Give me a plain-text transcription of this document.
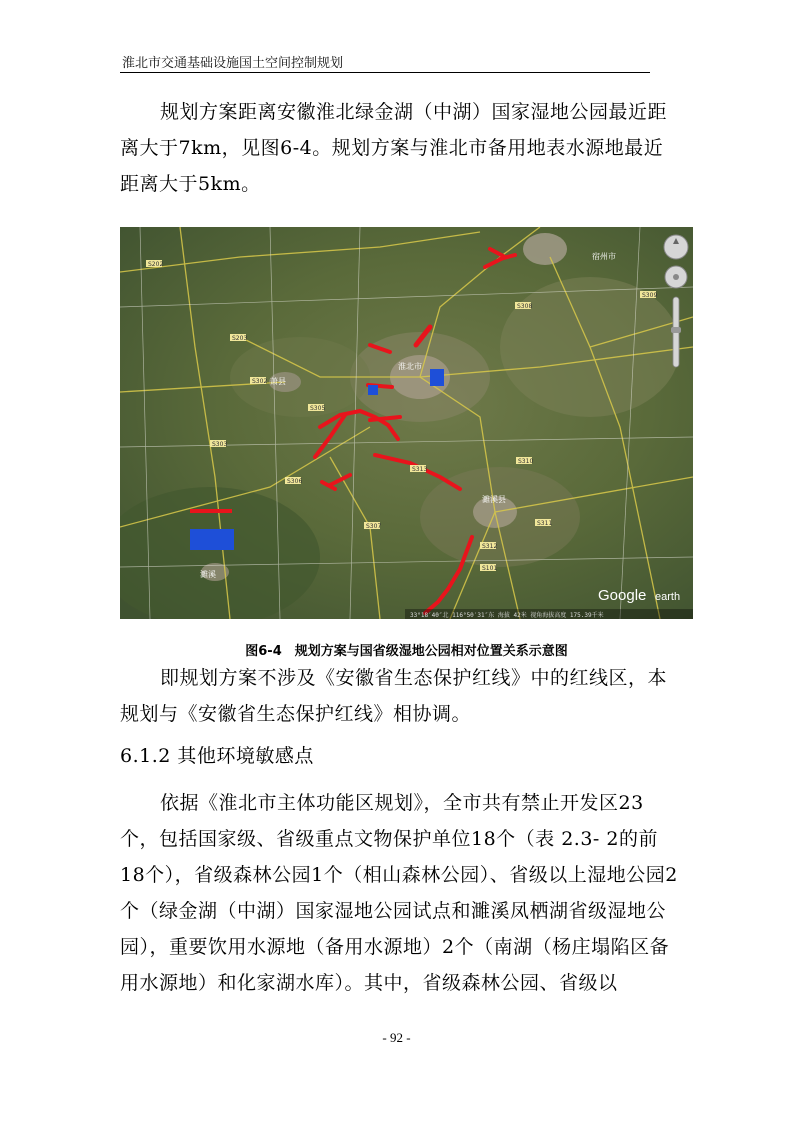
淮北市交通基础设施国土空间控制规划

规划方案距离安徽淮北绿金湖（中湖）国家湿地公园最近距离大于7km，见图6-4。规划方案与淮北市备用地表水源地最近距离大于5km。

S202
S203
S302
S303
S305
S306
S307
S308
S309
S310
S311
S312
S313
S101
淮北市
濉溪县
萧县
宿州市
濉溪
Google earth
33°18′40″北 116°50′31″东 海拔 42米 视角海拔高度 175.39千米
图6-4　规划方案与国省级湿地公园相对位置关系示意图

即规划方案不涉及《安徽省生态保护红线》中的红线区，本规划与《安徽省生态保护红线》相协调。

6.1.2 其他环境敏感点

依据《淮北市主体功能区规划》，全市共有禁止开发区23个，包括国家级、省级重点文物保护单位18个（表 2.3- 2的前18个），省级森林公园1个（相山森林公园）、省级以上湿地公园2个（绿金湖（中湖）国家湿地公园试点和濉溪凤栖湖省级湿地公园），重要饮用水源地（备用水源地）2个（南湖（杨庄塌陷区备用水源地）和化家湖水库）。其中，省级森林公园、省级以

- 92 -
